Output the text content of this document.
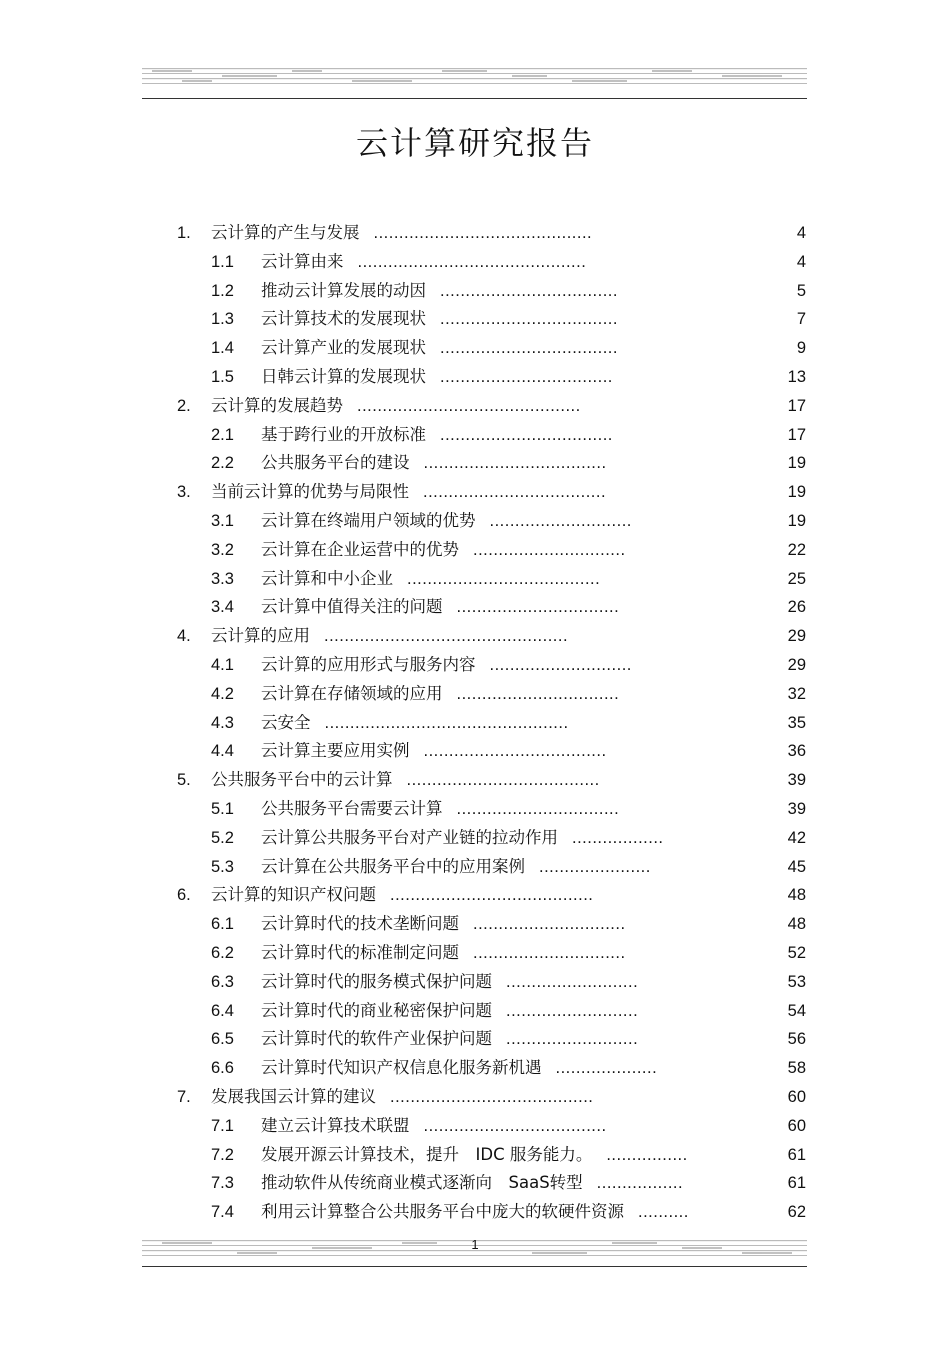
云计算研究报告
1. 云计算的产生与发展 ...........................................	4
1.1 云计算由来 .............................................	4
1.2 推动云计算发展的动因 ...................................	5
1.3 云计算技术的发展现状 ...................................	7
1.4 云计算产业的发展现状 ...................................	9
1.5 日韩云计算的发展现状 ..................................	13
2. 云计算的发展趋势 ............................................	17
2.1 基于跨行业的开放标准 ..................................	17
2.2 公共服务平台的建设 ....................................	19
3. 当前云计算的优势与局限性 ....................................	19
3.1 云计算在终端用户领域的优势 ............................	19
3.2 云计算在企业运营中的优势 ..............................	22
3.3 云计算和中小企业 ......................................	25
3.4 云计算中值得关注的问题 ................................	26
4. 云计算的应用 ................................................	29
4.1 云计算的应用形式与服务内容 ............................	29
4.2 云计算在存储领域的应用 ................................	32
4.3 云安全 ................................................	35
4.4 云计算主要应用实例 ....................................	36
5. 公共服务平台中的云计算 ......................................	39
5.1 公共服务平台需要云计算 ................................	39
5.2 云计算公共服务平台对产业链的拉动作用 ..................	42
5.3 云计算在公共服务平台中的应用案例 ......................	45
6. 云计算的知识产权问题 ........................................	48
6.1 云计算时代的技术垄断问题 ..............................	48
6.2 云计算时代的标准制定问题 ..............................	52
6.3 云计算时代的服务模式保护问题 ..........................	53
6.4 云计算时代的商业秘密保护问题 ..........................	54
6.5 云计算时代的软件产业保护问题 ..........................	56
6.6 云计算时代知识产权信息化服务新机遇 ....................	58
7. 发展我国云计算的建议 ........................................	60
7.1 建立云计算技术联盟 ....................................	60
7.2 发展开源云计算技术，提升　IDC 服务能力。 ................	61
7.3 推动软件从传统商业模式逐渐向　SaaS转型 .................	61
7.4 利用云计算整合公共服务平台中庞大的软硬件资源 ..........	62
1
